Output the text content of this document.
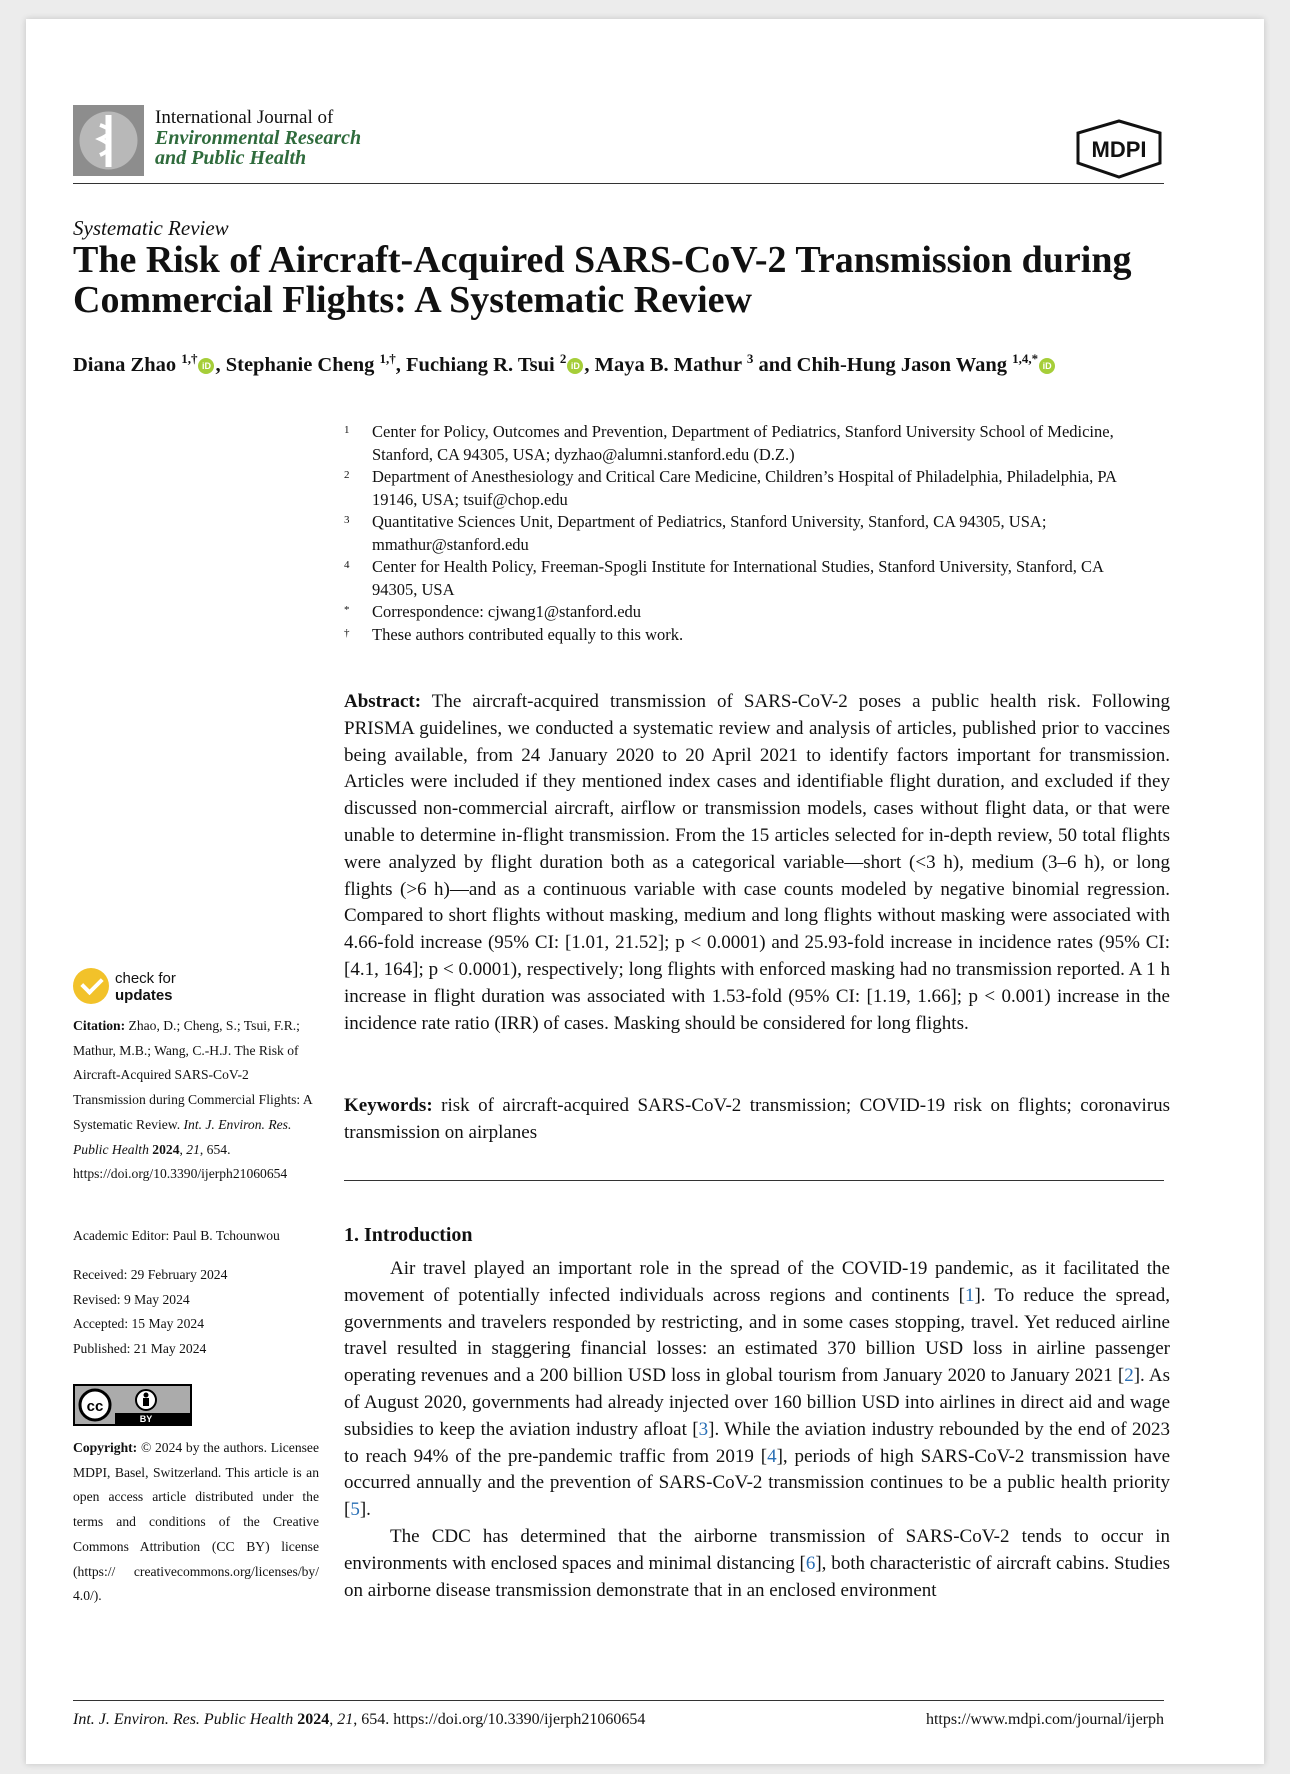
International Journal of
Environmental Research
and Public Health	MDPI
Systematic Review
The Risk of Aircraft-Acquired SARS-CoV-2 Transmission during Commercial Flights: A Systematic Review
Diana Zhao $^{1,\dagger}$ iD , Stephanie Cheng $^{1,\dagger}$, Fuchiang R. Tsui $^2$ iD , Maya B. Mathur $^3$ and Chih-Hung Jason Wang $^{1,4,*}$ iD
1	Center for Policy, Outcomes and Prevention, Department of Pediatrics, Stanford University School of Medicine, Stanford, CA 94305, USA; dyzhao@alumni.stanford.edu (D.Z.)
2	Department of Anesthesiology and Critical Care Medicine, Children’s Hospital of Philadelphia, Philadelphia, PA 19146, USA; tsuif@chop.edu
3	Quantitative Sciences Unit, Department of Pediatrics, Stanford University, Stanford, CA 94305, USA; mmathur@stanford.edu
4	Center for Health Policy, Freeman-Spogli Institute for International Studies, Stanford University, Stanford, CA 94305, USA
*	Correspondence: cjwang1@stanford.edu
†	These authors contributed equally to this work.
Abstract: The aircraft-acquired transmission of SARS-CoV-2 poses a public health risk. Following PRISMA guidelines, we conducted a systematic review and analysis of articles, published prior to vaccines being available, from 24 January 2020 to 20 April 2021 to identify factors important for transmission. Articles were included if they mentioned index cases and identifiable flight duration, and excluded if they discussed non-commercial aircraft, airflow or transmission models, cases without flight data, or that were unable to determine in-flight transmission. From the 15 articles selected for in-depth review, 50 total flights were analyzed by flight duration both as a categorical variable—short (<3 h), medium (3–6 h), or long flights (>6 h)—and as a continuous variable with case counts modeled by negative binomial regression. Compared to short flights without masking, medium and long flights without masking were associated with 4.66-fold increase (95% CI: [1.01, 21.52]; p < 0.0001) and 25.93-fold increase in incidence rates (95% CI: [4.1, 164]; p < 0.0001), respectively; long flights with enforced masking had no transmission reported. A 1 h increase in flight duration was associated with 1.53-fold (95% CI: [1.19, 1.66]; p < 0.001) increase in the incidence rate ratio (IRR) of cases. Masking should be considered for long flights.
Keywords: risk of aircraft-acquired SARS-CoV-2 transmission; COVID-19 risk on flights; coronavirus transmission on airplanes
1. Introduction

Air travel played an important role in the spread of the COVID-19 pandemic, as it facilitated the movement of potentially infected individuals across regions and continents [1]. To reduce the spread, governments and travelers responded by restricting, and in some cases stopping, travel. Yet reduced airline travel resulted in staggering financial losses: an estimated 370 billion USD loss in airline passenger operating revenues and a 200 billion USD loss in global tourism from January 2020 to January 2021 [2]. As of August 2020, governments had already injected over 160 billion USD into airlines in direct aid and wage subsidies to keep the aviation industry afloat [3]. While the aviation industry rebounded by the end of 2023 to reach 94% of the pre-pandemic traffic from 2019 [4], periods of high SARS-CoV-2 transmission have occurred annually and the prevention of SARS-CoV-2 transmission continues to be a public health priority [5].

The CDC has determined that the airborne transmission of SARS-CoV-2 tends to occur in environments with enclosed spaces and minimal distancing [6], both characteristic of aircraft cabins. Studies on airborne disease transmission demonstrate that in an enclosed environment

check for
updates
Citation: Zhao, D.; Cheng, S.; Tsui, F.R.; Mathur, M.B.; Wang, C.-H.J. The Risk of Aircraft-Acquired SARS-CoV-2 Transmission during Commercial Flights: A Systematic Review. Int. J. Environ. Res. Public Health 2024, 21, 654. https://doi.org/10.3390/ijerph21060654
Academic Editor: Paul B. Tchounwou
Received: 29 February 2024
Revised: 9 May 2024
Accepted: 15 May 2024
Published: 21 May 2024
cc
BY
Copyright: © 2024 by the authors. Licensee MDPI, Basel, Switzerland. This article is an open access article distributed under the terms and conditions of the Creative Commons Attribution (CC BY) license (https:// creativecommons.org/licenses/by/ 4.0/).
Int. J. Environ. Res. Public Health 2024, 21, 654. https://doi.org/10.3390/ijerph21060654	https://www.mdpi.com/journal/ijerph
